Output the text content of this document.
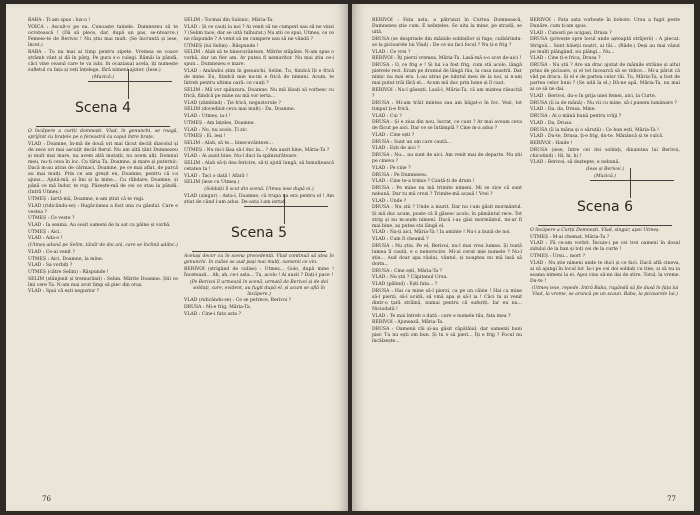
BABA : Ți-am spus : lux-o !

VOICA : Ascult-o pe ea. Cunoaște tainele. Dumnezeu să te ocrotească ! (Dă să plece, dar, după un pas, se-ntoarce.) Femeie-te de Berivoi ! Nu știu mai mult. (Se încruntă și iese, încet.)

BABA : Tu nu mai ai timp pentru sipete. Vremea se coace ștrâmb vânt și dă în pârg. Pe gura s-o culegi. Rămâi la pândă, căci vine ceasul care te va iubi. In ocaziaual acela, iți numește sufletul cu fața și veți înțelege, fără nimeni ajutor. (Iese.)

(Muzică.)

Scena 4

O încăpere a curții domnești. Vlad, în genunchi, se roagă, sprijinit cu brațele pe o fereastră cu capul între brațe.

VLAD : Doamne, în-mâ de două ori mai tăcut deciit diavolul și de zece ori mai ascuțit decât fierul. Nu am altă țânt Dumnezeu și mult mai mare, nu avem altă mutații, nu avem alți. Domnul meu, nu-ți ceva în loc. Cu tăria Ta, Doamne, și mare și puternic. Dacă m-au atras de cârmaci, Doamne, pe ce mai aflat, de parcă au mai mulți. Prin ce am greșit eu, Doamne, pentru că i-a ajuns... Ajută-mă, și îmi și la mine... Cu răbdare, Doamne, și până ce mă îndur, te rog. Păzește-mă de cei ce stau la pândă. (Intră Utmeș.)

UTMEȘ : Iartă-mă, Doamne, n-am știut că te rogi.

VLAD (ridicându-se) : Rugăciunea a fost una cu gândul. Care e vestea ?

UTMEȘ : Ce veste ?

VLAD : Ia seama. Au sosit oameni de la sat cu pâine și vorbă.

UTMEȘ : Aici.

VLAD : Ada-o !

(Utmeș adună pe Selim, tânăr de doi ani, care se înclină adânc.)

VLAD : Ce-ai venit ?

UTMEȘ : Aici, Doamne, la mine.

VLAD : Sa vorbiți ?

UTMEȘ (către Selim) : Răspunde !

SELIM (stânjenit și tremurând) : Selim. Mărite Doamne. Știi ce îmi cere Ta. N-am mai avut timp să plec din oraș.

VLAD : Spui că ești negustor ?

SELIM : Tocmai din Salonic, Măria-Ta.

VLAD : Și ce cauți la noi ? Ai venit să ne cumperi sau să ne vinzi ? (Selim tace, dar se uită tulburat.) Nu știi ce spui, Utmeș, ce ce ne răspunde ? A venit să ne cumpere sau să ne vândă ?

UTMEȘ (lui Selim) : Răspunde !

SELIM : Alah să te binecuvânteze, Mărite stăpâne. N-am spus o vorbă, dar un fier am. Ar putea fi nemuritor. Nu mai știu ce-i spun... Dumnezeu e mare.

VLAD : Amândoi știm în genunchi, Selim. Tu, fiindcă îți e frică de mine. Eu, fiindcă mie nu-mi e frică de nimeni. Acum, te întreb pentru ultima oară: ce cauți ?

SELIM : Mă vor spânzura, Doamne. Nu mă lăsați să vorbesc cu frică, fiindcă pe mine nu mă vor ierta...

VLAD (zâmbind) : Ție frică, negustorule ?

SELIM (dovedind ceva mai mult) : Da, Doamne.

VLAD : Utmeș, ia-l !

UTMEȘ : Am înțeles, Doamne.

VLAD : Nu, nu acolo. Ți zic.

UTMEȘ : Ei, ieși !

SELIM : Alah, să te... binecuvânteze...

UTMEȘ : Nu mi-l lăsa să-l duc la... ? Am auzit bine, Măria-Ta ?

VLAD : Ai auzit bine. Nu-l duci la spânzurătoare.

SELIM : Alah să-ți dea fericire, să-ți ajută lungă, să înmulțească cetatea ta !

VLAD : Taci o dată ! Afară !

SELIM (iese cu Utmeș.)

(Soldații îl scot din scenă. Utmeș iese după ei.)

VLAD (singur) : Asta-i, Doamne, că trupa nu era pentru el ! Am știut de când l-am adus. De-asta l-am iertat.

Scena 5

Același decor cu în scena precedentă. Vlad continuă să stea în genunchi. In culise se aud pași mai mulți, oamenii ce vin.

BERIVOI (strigând de culise) : Utmeș... Golo, după mine ! Încetează... Ah, ah, ce-i asta... Tu, acolo ! Ai auzit ? Dați-i pace !

(Pe Berivoi îl urmează în scenă, urmată de Berivoi și de doi soldați, care, evident, au fugit după el, și acum se află în încăpere.)

VLAD (ridicându-se) : Ce se petrece, Berivoi ?

DRUSA : Mi-e frig, Măria-Ta.

VLAD : Cine-i fata asta ?

76

BERIVOI : Fata asta, a pătrunzi în Curtea Domnească, Dumnezeu știe cum. E neînțeles. Se uita la mine, pe stradă, se uită.

DRUSA (se desprinde din mâinile soldaților și fuge, cuibărindu-se la picioarele lui Vlad) : De ce nu faci focul ? Nu ți-e frig ?

VLAD : Ce vrei ?

BERIVOI : Îți pierzi vremea, Măria-Ta. Lasă-mă s-o scot de-aici !

DRUSA : O, ce frig e ! Și lui i-a fost frig, cum stă acolo, lângă pietrele reci. Eram pe drumul de lângă râu, la casa noastră. Dar nimic nu mai era. L-au atras pe iubitul meu de la noi, și n-am mai putut trăi fără el... Acum mă duc prin lume și îl caut.

BERIVOI : Nu-l găsești. Lasă-l, Măria-Ta, că am mintea răsucită ?

DRUSA : Mi-am trăit mintea sau am băgat-o în foc. Vezi, tot timpul ți-e frică.

VLAD : Cui ?

DRUSA : Și e ziua din nou, lucrat, ce caut ? Ar mai aveam ceva de făcut pe aici. Dar ce se întâmplă ? Cine m-a adus ?

VLAD : Cine ești ?

DRUSA : Sunt un om care caută...

VLAD : Ești de aici ?

DRUSA : Nu... nu sunt de aici. Am venit mai de departe. Nu știi pe cineva ?

VLAD : Pe cine ?

DRUSA : Pe Dumnezeu.

VLAD : Cine te-a trimis ? Caută-ți de drum !

DRUSA : Pe mine nu mă trimite nimeni. Mi se zice că sunt nebună. Dar tu mă crezi ? Trimite-mă acasă ! Vrei ?

VLAD : Unde ?

DRUSA : Nu știi ? Unde a murit. Dar nu i-am găsit mormântul. Și mă duc acum, poate că îl găsesc acolo, în pământul rece. Tot strig și nu m-aude nimeni. Dacă i-aș găsi mormântul, mi-ar fi mai bine, aș putea sta lângă el.

VLAD : Na-ți aici, Măria-Ta ! Ia aminte ! Nu-i a bună de noi.

VLAD : Cum îl cheamă ?

DRUSA : Nu știu. Pe el, Berivoi, nu-l mai vrea lumea. Și toată lumea îl caută, e o nenorocire. Mi-ai cerut mie numele ? Nu-l știu... Aud doar apa râului, vântul, și noaptea nu mă lasă să dorm...

DRUSA : Cine ești, Măria-Ta ?

VLAD : Nu știi ? Căpitanul Ursu.

VLAD (pălind) : Ești fata... ?

DRUSA : Hai ca mine să-l pierzi, ca pe un câine ! Hai ca mine să-l pierzi, să-l ucidă, să vină apa și să-l ia ! Căci tu ai venit dintr-o țară străină, numai pentru că suferiți. Iar eu nu... Niciodată !

VLAD : Te mai întreb o dată : care e numele tău, fata mea ?

BERIVOI : Ajunează, Măria-Ta.

DRUSA : Oamenii răi și-au găsit căpătâiul, dar oamenii buni pier. Tu nu ești om bun. Și tu o să pieri... Îți e frig ? Focul nu încălzește...

BERIVOI : Fata asta vorbește în bobote. Ursu a fugit peste Dunăre, cum ți-am spus.

VLAD : Cunosti pe ucigași, Drusa ?

DRUSA (privește spre locul unde așteaptă străjerii) : A plecat. Strigoii... Sunt băieții noștri, ai tăi... (Râde.) Deși au mai văzut pe mulți plângând, nu plângi... Nu...

VLAD : Cine ți-e frica, Drusa ?

DRUSA : Nu știi ? Are un drac ajutat de mâinile străine și altul prins de picioare, și el tot încearcă să se ridice... Mi-a părut că văd pe dracu. Și el e de partea celor răi. Tu, Măria-Ta, a fost de partea celor buni ? (Se uită la el.) Dă-ne apă, Măria-Ta, nu mai ai ce să ne dai.

VLAD : Berivoi, du-o în grija unei femei, aici, la Curte.

DRUSA (îi ia de mână) : Nu vii cu mine, să-i punem lumânare ?

VLAD : Da, da, Drusa. Mine.

DRUSA : Ai o mână bună pentru vrăji ?

VLAD : Da, Drusa.

DRUSA (îi ia mâna și o sărută) : Ce bun ești, Măria-Ta !

VLAD : Du-te, Drusa, ți-e frig, du-te. Mănâncă și te culcă.

BERIVOI : Haide !

DRUSA (iese, între cei doi soldați, dinaintea lui Berivoi, chicotind) : Hi, hi, hi !

VLAD : Berivoi, să deștepte, e nebună.

(Iese și Berivoi.)

(Muzică.)

Scena 6

O încăpere a Curții Domnești. Vlad, singur, apoi Utmeș.

UTMEȘ : M-ai chemat, Măria-Ta ?

VLAD : Fă ce-am vorbit. Încuie-i pe cei trei oameni în dosul zidului de la han și toți cei de la curte !

UTMEȘ : Ursu... mort ?

VLAD : Nu știe nimeni unde te duci și ce faci. Dacă află cineva, ai să ajungi în locul lor. Ia-i pe cei doi soldați cu tine, și să nu ia seama nimeni la ei. Apoi vino să-mi dai de știre. Totul, la vreme. Du-te !

(Utmeș iese, repede. Intră Baba, rugândă să fie dusă în fața lui Vlad, la vreme, se aruncă pe un scaun. Baba, la picioarele lui.)

77
